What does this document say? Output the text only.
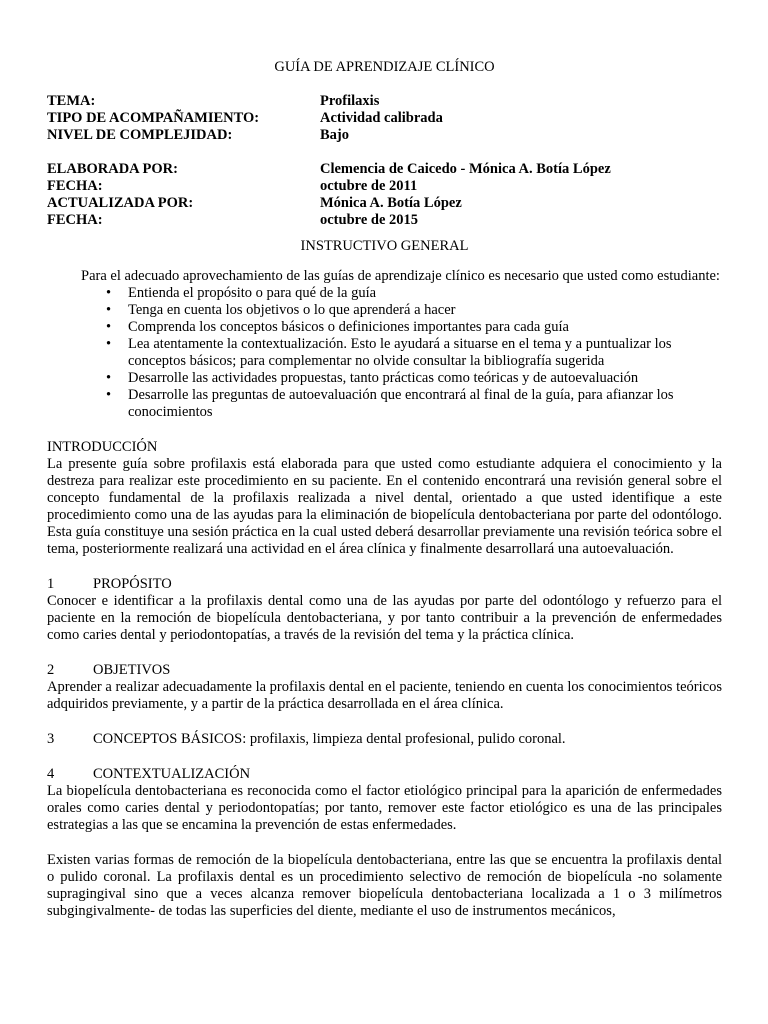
GUÍA DE APRENDIZAJE CLÍNICO
TEMA:	Profilaxis
TIPO DE ACOMPAÑAMIENTO:	Actividad calibrada
NIVEL DE COMPLEJIDAD:	Bajo
ELABORADA POR:	Clemencia de Caicedo - Mónica A. Botía López
FECHA:	octubre de 2011
ACTUALIZADA POR:	Mónica A. Botía López
FECHA:	octubre de 2015
INSTRUCTIVO GENERAL
Para el adecuado aprovechamiento de las guías de aprendizaje clínico es necesario que usted como estudiante:
• Entienda el propósito o para qué de la guía
• Tenga en cuenta los objetivos o lo que aprenderá a hacer
• Comprenda los conceptos básicos o definiciones importantes para cada guía
• Lea atentamente la contextualización. Esto le ayudará a situarse en el tema y a puntualizar los conceptos básicos; para complementar no olvide consultar la bibliografía sugerida
• Desarrolle las actividades propuestas, tanto prácticas como teóricas y de autoevaluación
• Desarrolle las preguntas de autoevaluación que encontrará al final de la guía, para afianzar los conocimientos
INTRODUCCIÓN

La presente guía sobre profilaxis está elaborada para que usted como estudiante adquiera el conocimiento y la destreza para realizar este procedimiento en su paciente. En el contenido encontrará una revisión general sobre el concepto fundamental de la profilaxis realizada a nivel dental, orientado a que usted identifique a este procedimiento como una de las ayudas para la eliminación de biopelícula dentobacteriana por parte del odontólogo. Esta guía constituye una sesión práctica en la cual usted deberá desarrollar previamente una revisión teórica sobre el tema, posteriormente realizará una actividad en el área clínica y finalmente desarrollará una autoevaluación.

1	PROPÓSITO

Conocer e identificar a la profilaxis dental como una de las ayudas por parte del odontólogo y refuerzo para el paciente en la remoción de biopelícula dentobacteriana, y por tanto contribuir a la prevención de enfermedades como caries dental y periodontopatías, a través de la revisión del tema y la práctica clínica.

2	OBJETIVOS

Aprender a realizar adecuadamente la profilaxis dental en el paciente, teniendo en cuenta los conocimientos teóricos adquiridos previamente, y a partir de la práctica desarrollada en el área clínica.

3	CONCEPTOS BÁSICOS: profilaxis, limpieza dental profesional, pulido coronal.
4	CONTEXTUALIZACIÓN

La biopelícula dentobacteriana es reconocida como el factor etiológico principal para la aparición de enfermedades orales como caries dental y periodontopatías; por tanto, remover este factor etiológico es una de las principales estrategias a las que se encamina la prevención de estas enfermedades.

Existen varias formas de remoción de la biopelícula dentobacteriana, entre las que se encuentra la profilaxis dental o pulido coronal. La profilaxis dental es un procedimiento selectivo de remoción de biopelícula -no solamente supragingival sino que a veces alcanza remover biopelícula dentobacteriana localizada a 1 o 3 milímetros subgingivalmente- de todas las superficies del diente, mediante el uso de instrumentos mecánicos,
